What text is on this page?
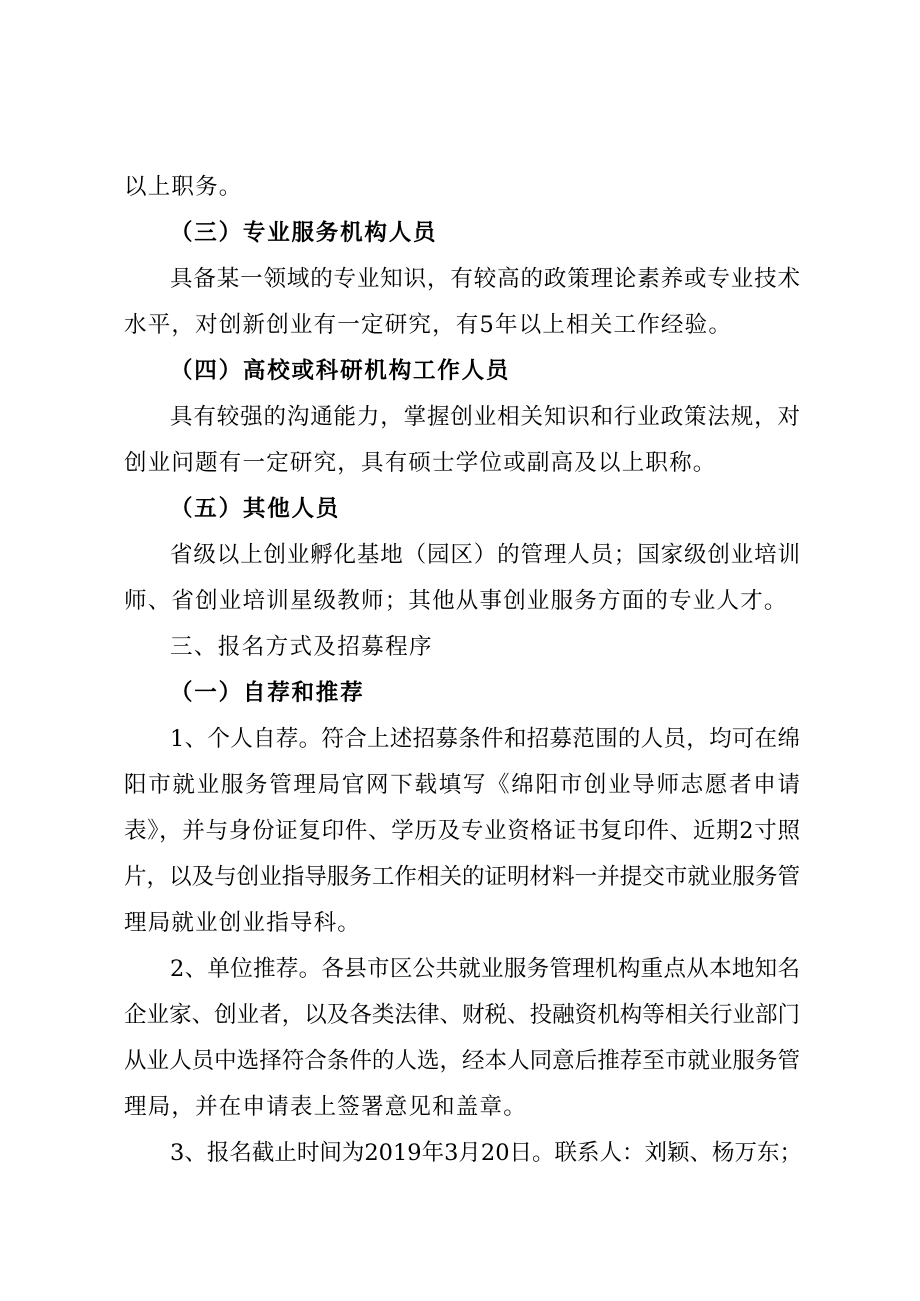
以上职务。
（三）专业服务机构人员
具备某一领域的专业知识，有较高的政策理论素养或专业技术
水平，对创新创业有一定研究，有5年以上相关工作经验。
（四）高校或科研机构工作人员
具有较强的沟通能力，掌握创业相关知识和行业政策法规，对
创业问题有一定研究，具有硕士学位或副高及以上职称。
（五）其他人员
省级以上创业孵化基地（园区）的管理人员；国家级创业培训
师、省创业培训星级教师；其他从事创业服务方面的专业人才。
三、报名方式及招募程序
（一）自荐和推荐
1、个人自荐。符合上述招募条件和招募范围的人员，均可在绵
阳市就业服务管理局官网下载填写《绵阳市创业导师志愿者申请
表》，并与身份证复印件、学历及专业资格证书复印件、近期2寸照
片，以及与创业指导服务工作相关的证明材料一并提交市就业服务管
理局就业创业指导科。
2、单位推荐。各县市区公共就业服务管理机构重点从本地知名
企业家、创业者，以及各类法律、财税、投融资机构等相关行业部门
从业人员中选择符合条件的人选，经本人同意后推荐至市就业服务管
理局，并在申请表上签署意见和盖章。
3、报名截止时间为2019年3月20日。联系人：刘颖、杨万东；
